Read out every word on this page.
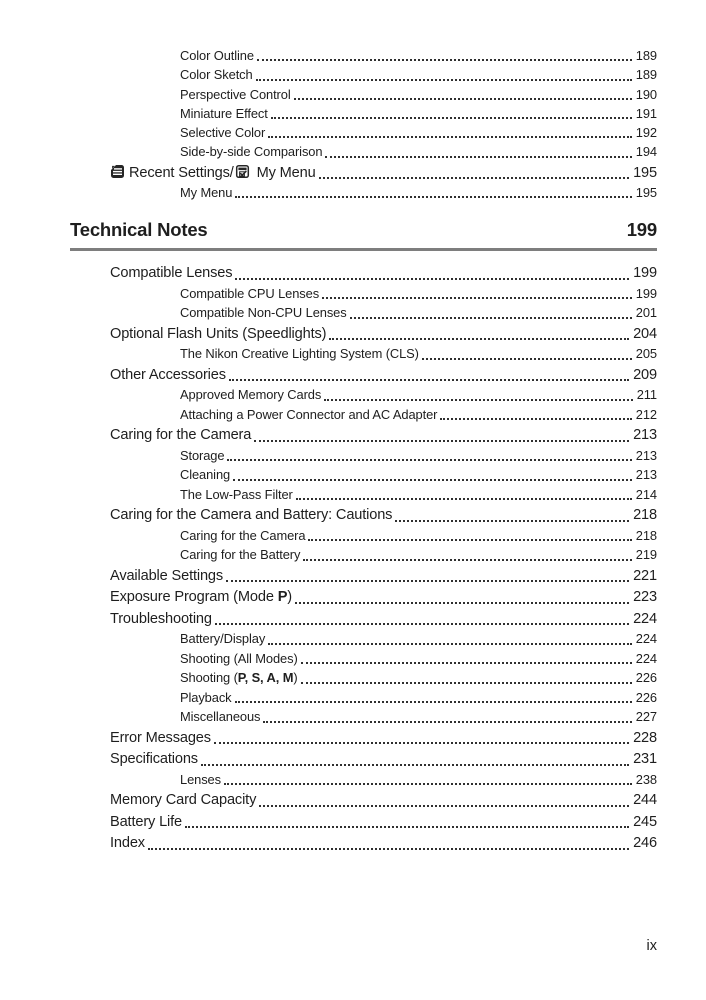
Color Outline	189
Color Sketch	189
Perspective Control	190
Miniature Effect	191
Selective Color	192
Side-by-side Comparison	194
Recent Settings/ My Menu	195
My Menu	195
Technical Notes	199
Compatible Lenses	199
Compatible CPU Lenses	199
Compatible Non-CPU Lenses	201
Optional Flash Units (Speedlights)	204
The Nikon Creative Lighting System (CLS)	205
Other Accessories	209
Approved Memory Cards	211
Attaching a Power Connector and AC Adapter	212
Caring for the Camera	213
Storage	213
Cleaning	213
The Low-Pass Filter	214
Caring for the Camera and Battery: Cautions	218
Caring for the Camera	218
Caring for the Battery	219
Available Settings	221
Exposure Program (Mode P)	223
Troubleshooting	224
Battery/Display	224
Shooting (All Modes)	224
Shooting (P, S, A, M)	226
Playback	226
Miscellaneous	227
Error Messages	228
Specifications	231
Lenses	238
Memory Card Capacity	244
Battery Life	245
Index	246
ix
